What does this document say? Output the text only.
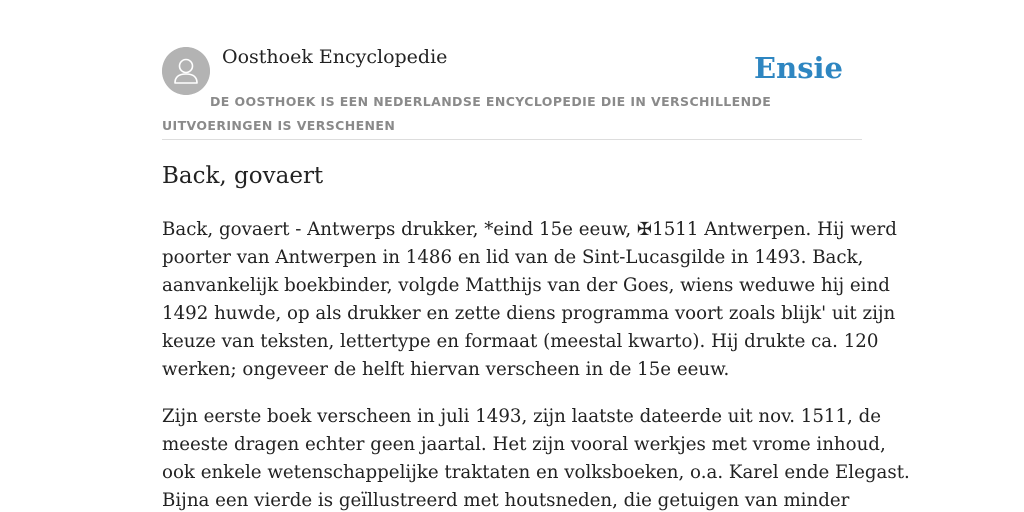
Oosthoek Encyclopedie	Ensie
DE OOSTHOEK IS EEN NEDERLANDSE ENCYCLOPEDIE DIE IN VERSCHILLENDE UITVOERINGEN IS VERSCHENEN
Back, govaert

Back, govaert - Antwerps drukker, *eind 15e eeuw, ✠1511 Antwerpen. Hij werd
poorter van Antwerpen in 1486 en lid van de Sint-Lucasgilde in 1493. Back,
aanvankelijk boekbinder, volgde Matthijs van der Goes, wiens weduwe hij eind
1492 huwde, op als drukker en zette diens programma voort zoals blijk' uit zijn
keuze van teksten, lettertype en formaat (meestal kwarto). Hij drukte ca. 120
werken; ongeveer de helft hiervan verscheen in de 15e eeuw.

Zijn eerste boek verscheen in juli 1493, zijn laatste dateerde uit nov. 1511, de
meeste dragen echter geen jaartal. Het zijn vooral werkjes met vrome inhoud,
ook enkele wetenschappelijke traktaten en volksboeken, o.a. Karel ende Elegast.
Bijna een vierde is geïllustreerd met houtsneden, die getuigen van minder
